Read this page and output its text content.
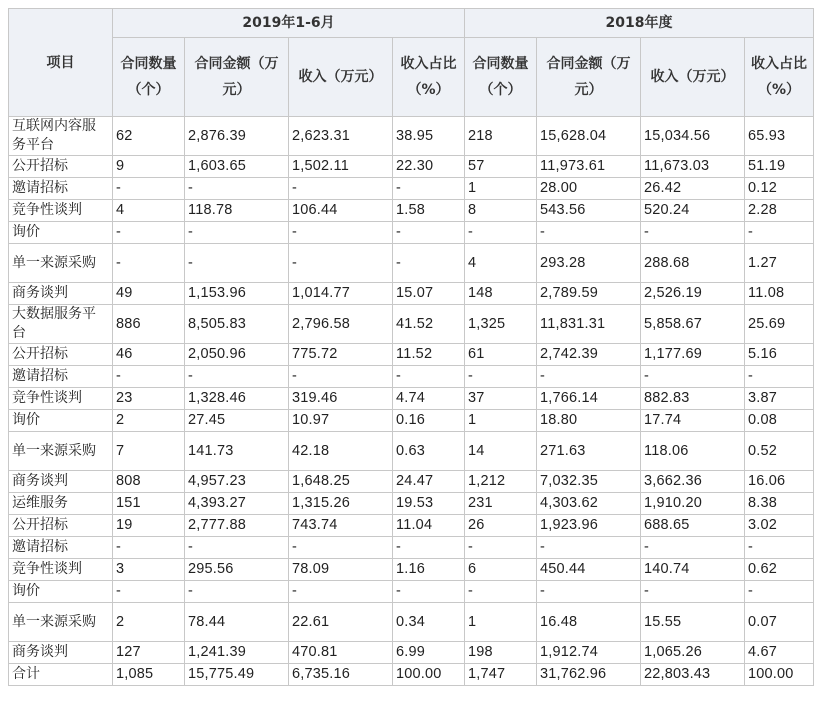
项目	2019年1-6月				2018年度			
	合同数量（个）	合同金额（万元）	收入（万元）	收入占比（%）	合同数量（个）	合同金额（万元）	收入（万元）	收入占比（%）
互联网内容服务平台	62	2,876.39	2,623.31	38.95	218	15,628.04	15,034.56	65.93
公开招标	9	1,603.65	1,502.11	22.30	57	11,973.61	11,673.03	51.19
邀请招标	-	-	-	-	1	28.00	26.42	0.12
竞争性谈判	4	118.78	106.44	1.58	8	543.56	520.24	2.28
询价	-	-	-	-	-	-	-	-
单一来源采购	-	-	-	-	4	293.28	288.68	1.27
商务谈判	49	1,153.96	1,014.77	15.07	148	2,789.59	2,526.19	11.08
大数据服务平台	886	8,505.83	2,796.58	41.52	1,325	11,831.31	5,858.67	25.69
公开招标	46	2,050.96	775.72	11.52	61	2,742.39	1,177.69	5.16
邀请招标	-	-	-	-	-	-	-	-
竞争性谈判	23	1,328.46	319.46	4.74	37	1,766.14	882.83	3.87
询价	2	27.45	10.97	0.16	1	18.80	17.74	0.08
单一来源采购	7	141.73	42.18	0.63	14	271.63	118.06	0.52
商务谈判	808	4,957.23	1,648.25	24.47	1,212	7,032.35	3,662.36	16.06
运维服务	151	4,393.27	1,315.26	19.53	231	4,303.62	1,910.20	8.38
公开招标	19	2,777.88	743.74	11.04	26	1,923.96	688.65	3.02
邀请招标	-	-	-	-	-	-	-	-
竞争性谈判	3	295.56	78.09	1.16	6	450.44	140.74	0.62
询价	-	-	-	-	-	-	-	-
单一来源采购	2	78.44	22.61	0.34	1	16.48	15.55	0.07
商务谈判	127	1,241.39	470.81	6.99	198	1,912.74	1,065.26	4.67
合计	1,085	15,775.49	6,735.16	100.00	1,747	31,762.96	22,803.43	100.00
